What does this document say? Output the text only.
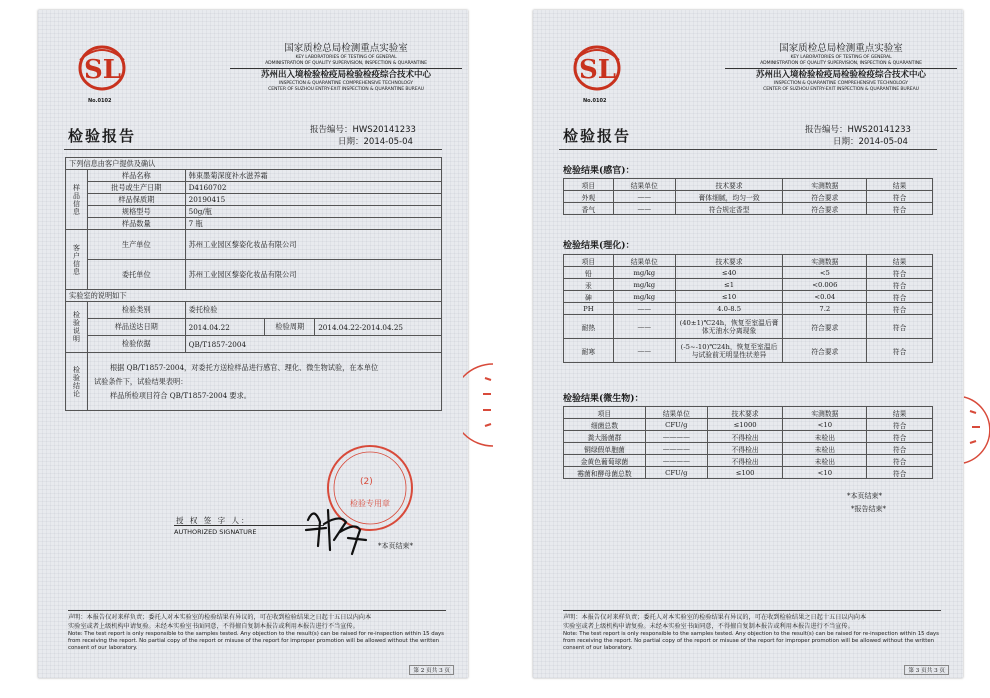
SL
No.0102
国家质检总局检测重点实验室
KEY LABORATORIES OF TESTING OF GENERAL
ADMINISTRATION OF QUALITY SUPERVISION, INSPECTION & QUARANTINE
苏州出入境检验检疫局检验检疫综合技术中心
INSPECTION & QUARANTINE COMPREHENSIVE TECHNOLOGY
CENTER OF SUZHOU ENTRY-EXIT INSPECTION & QUARANTINE BUREAU
检验报告	报告编号：HWS20141233
日期：2014-05-04
下列信息由客户提供及确认				
样品信息	样品名称	韩束墨菊深度补水滋养霜		
	批号或生产日期	D4160702		
	样品保质期	20190415		
	规格型号	50g/瓶		
	样品数量	7 瓶		
客户信息	生产单位	苏州工业园区黎姿化妆品有限公司		
	委托单位	苏州工业园区黎姿化妆品有限公司		
实验室的说明如下				
检验说明	检验类别	委托检验		
	样品送达日期	2014.04.22	检验周期	2014.04.22-2014.04.25
	检验依据	QB/T1857-2004		
检验结论	根据 QB/T1857-2004，对委托方送检样品进行感官、理化、微生物试验，在本单位
试验条件下，试验结果表明：
样品所检项目符合 QB/T1857-2004 要求。			
(2)
检验专用章
授 权 签 字 人：
AUTHORIZED SIGNATURE
*本页结束*
声明：本报告仅对来样负责；委托人对本实验室的检验结果有异议的，可在收到检验结果之日起十五日以内向本
实验室或者上级机构申请复验。未经本实验室书面同意，不得擅自复制本报告或利用本报告进行不当宣传。
Note: The test report is only responsible to the samples tested. Any objection to the result(s) can be raised for re-inspection within 15 days
from receiving the report. No partial copy of the report or misuse of the report for improper promotion will be allowed without the written
consent of our laboratory.
第 2 页共 3 页
SL
No.0102
国家质检总局检测重点实验室
KEY LABORATORIES OF TESTING OF GENERAL
ADMINISTRATION OF QUALITY SUPERVISION, INSPECTION & QUARANTINE
苏州出入境检验检疫局检验检疫综合技术中心
INSPECTION & QUARANTINE COMPREHENSIVE TECHNOLOGY
CENTER OF SUZHOU ENTRY-EXIT INSPECTION & QUARANTINE BUREAU
检验报告	报告编号：HWS20141233
日期：2014-05-04
检验结果(感官)：
项目	结果单位	技术要求	实测数据	结果
外观	——	膏体细腻，均匀一致	符合要求	符合
香气	——	符合规定香型	符合要求	符合
检验结果(理化)：
项目	结果单位	技术要求	实测数据	结果
铅	mg/kg	≤40	<5	符合
汞	mg/kg	≤1	<0.006	符合
砷	mg/kg	≤10	<0.04	符合
PH	——	4.0-8.5	7.2	符合
耐热	——	(40±1)℃24h，恢复至室温后膏体无油水分离现象	符合要求	符合
耐寒	——	(-5~-10)℃24h，恢复至室温后与试验前无明显性状差异	符合要求	符合
检验结果(微生物)：
项目	结果单位	技术要求	实测数据	结果
细菌总数	CFU/g	≤1000	<10	符合
粪大肠菌群	————	不得检出	未检出	符合
铜绿假单胞菌	————	不得检出	未检出	符合
金黄色葡萄球菌	————	不得检出	未检出	符合
霉菌和酵母菌总数	CFU/g	≤100	<10	符合
*本页结束*
*报告结束*
声明：本报告仅对来样负责；委托人对本实验室的检验结果有异议的，可在收到检验结果之日起十五日以内向本
实验室或者上级机构申请复验。未经本实验室书面同意，不得擅自复制本报告或利用本报告进行不当宣传。
Note: The test report is only responsible to the samples tested. Any objection to the result(s) can be raised for re-inspection within 15 days
from receiving the report. No partial copy of the report or misuse of the report for improper promotion will be allowed without the written
consent of our laboratory.
第 3 页共 3 页
